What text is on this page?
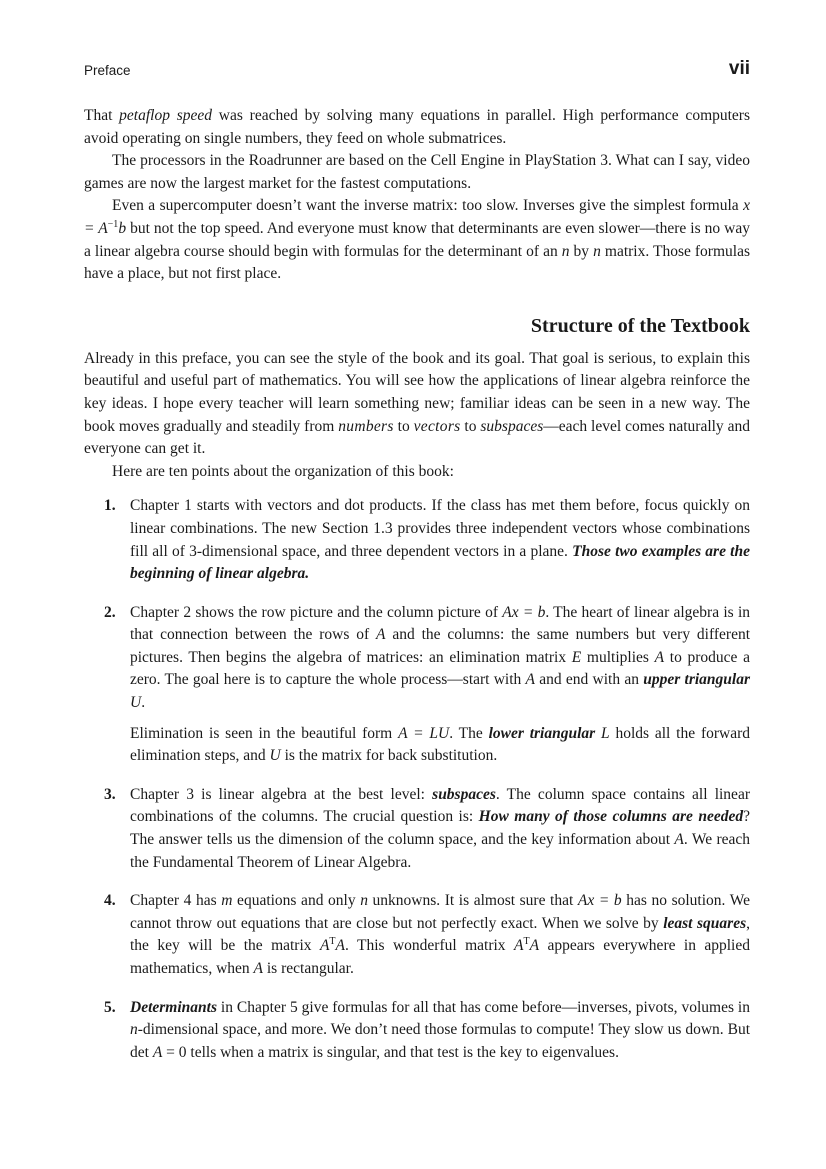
Preface	vii

That petaflop speed was reached by solving many equations in parallel. High performance computers avoid operating on single numbers, they feed on whole submatrices.

The processors in the Roadrunner are based on the Cell Engine in PlayStation 3. What can I say, video games are now the largest market for the fastest computations.

Even a supercomputer doesn’t want the inverse matrix: too slow. Inverses give the simplest formula $x = A^{-1}b$ but not the top speed. And everyone must know that determinants are even slower—there is no way a linear algebra course should begin with formulas for the determinant of an n by n matrix. Those formulas have a place, but not first place.

Structure of the Textbook

Already in this preface, you can see the style of the book and its goal. That goal is serious, to explain this beautiful and useful part of mathematics. You will see how the applications of linear algebra reinforce the key ideas. I hope every teacher will learn something new; familiar ideas can be seen in a new way. The book moves gradually and steadily from numbers to vectors to subspaces—each level comes naturally and everyone can get it.

Here are ten points about the organization of this book:

1. Chapter 1 starts with vectors and dot products. If the class has met them before, focus quickly on linear combinations. The new Section 1.3 provides three independent vectors whose combinations fill all of 3-dimensional space, and three dependent vectors in a plane. Those two examples are the beginning of linear algebra.

2. Chapter 2 shows the row picture and the column picture of Ax = b. The heart of linear algebra is in that connection between the rows of A and the columns: the same numbers but very different pictures. Then begins the algebra of matrices: an elimination matrix E multiplies A to produce a zero. The goal here is to capture the whole process—start with A and end with an upper triangular U.

Elimination is seen in the beautiful form A = LU. The lower triangular L holds all the forward elimination steps, and U is the matrix for back substitution.

3. Chapter 3 is linear algebra at the best level: subspaces. The column space contains all linear combinations of the columns. The crucial question is: How many of those columns are needed? The answer tells us the dimension of the column space, and the key information about A. We reach the Fundamental Theorem of Linear Algebra.

4. Chapter 4 has m equations and only n unknowns. It is almost sure that Ax = b has no solution. We cannot throw out equations that are close but not perfectly exact. When we solve by least squares, the key will be the matrix $A^TA$. This wonderful matrix $A^TA$ appears everywhere in applied mathematics, when A is rectangular.

5. Determinants in Chapter 5 give formulas for all that has come before—inverses, pivots, volumes in n-dimensional space, and more. We don’t need those formulas to compute! They slow us down. But det A = 0 tells when a matrix is singular, and that test is the key to eigenvalues.
